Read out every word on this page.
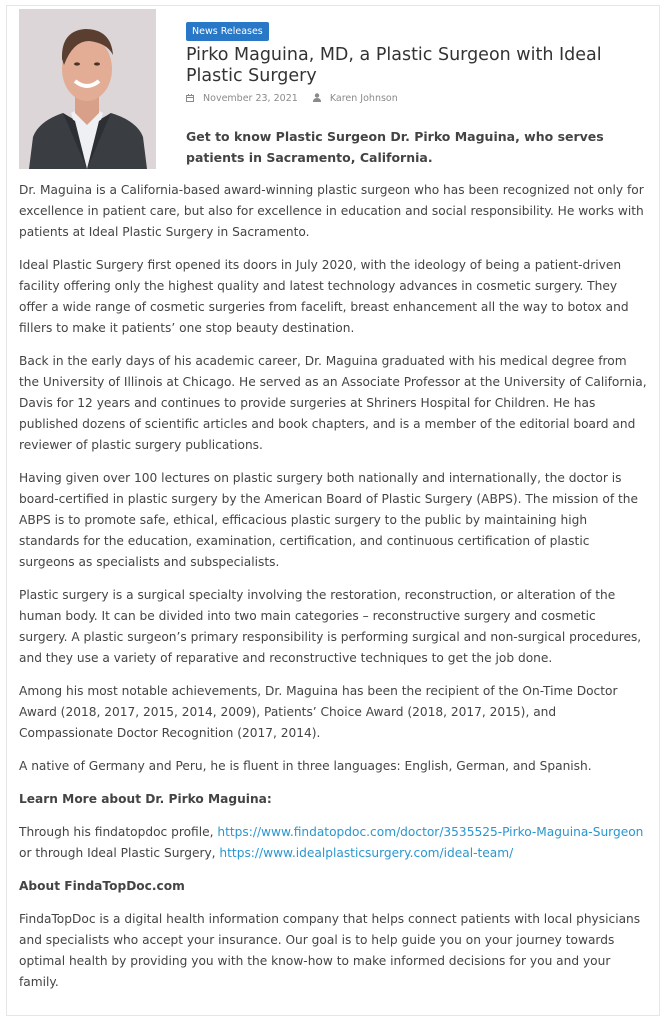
News Releases
Pirko Maguina, MD, a Plastic Surgeon with Ideal Plastic Surgery
November 23, 2021	Karen Johnson

Get to know Plastic Surgeon Dr. Pirko Maguina, who serves patients in Sacramento, California.

Dr. Maguina is a California-based award-winning plastic surgeon who has been recognized not only for excellence in patient care, but also for excellence in education and social responsibility. He works with patients at Ideal Plastic Surgery in Sacramento.

Ideal Plastic Surgery first opened its doors in July 2020, with the ideology of being a patient-driven facility offering only the highest quality and latest technology advances in cosmetic surgery. They offer a wide range of cosmetic surgeries from facelift, breast enhancement all the way to botox and fillers to make it patients’ one stop beauty destination.

Back in the early days of his academic career, Dr. Maguina graduated with his medical degree from the University of Illinois at Chicago. He served as an Associate Professor at the University of California, Davis for 12 years and continues to provide surgeries at Shriners Hospital for Children. He has published dozens of scientific articles and book chapters, and is a member of the editorial board and reviewer of plastic surgery publications.

Having given over 100 lectures on plastic surgery both nationally and internationally, the doctor is board-certified in plastic surgery by the American Board of Plastic Surgery (ABPS). The mission of the ABPS is to promote safe, ethical, efficacious plastic surgery to the public by maintaining high standards for the education, examination, certification, and continuous certification of plastic surgeons as specialists and subspecialists.

Plastic surgery is a surgical specialty involving the restoration, reconstruction, or alteration of the human body. It can be divided into two main categories – reconstructive surgery and cosmetic surgery. A plastic surgeon’s primary responsibility is performing surgical and non-surgical procedures, and they use a variety of reparative and reconstructive techniques to get the job done.

Among his most notable achievements, Dr. Maguina has been the recipient of the On-Time Doctor Award (2018, 2017, 2015, 2014, 2009), Patients’ Choice Award (2018, 2017, 2015), and Compassionate Doctor Recognition (2017, 2014).

A native of Germany and Peru, he is fluent in three languages: English, German, and Spanish.

Learn More about Dr. Pirko Maguina:

Through his findatopdoc profile, https://www.findatopdoc.com/doctor/3535525-Pirko-Maguina-Surgeon or through Ideal Plastic Surgery, https://www.idealplasticsurgery.com/ideal-team/

About FindaTopDoc.com

FindaTopDoc is a digital health information company that helps connect patients with local physicians and specialists who accept your insurance. Our goal is to help guide you on your journey towards optimal health by providing you with the know-how to make informed decisions for you and your family.
